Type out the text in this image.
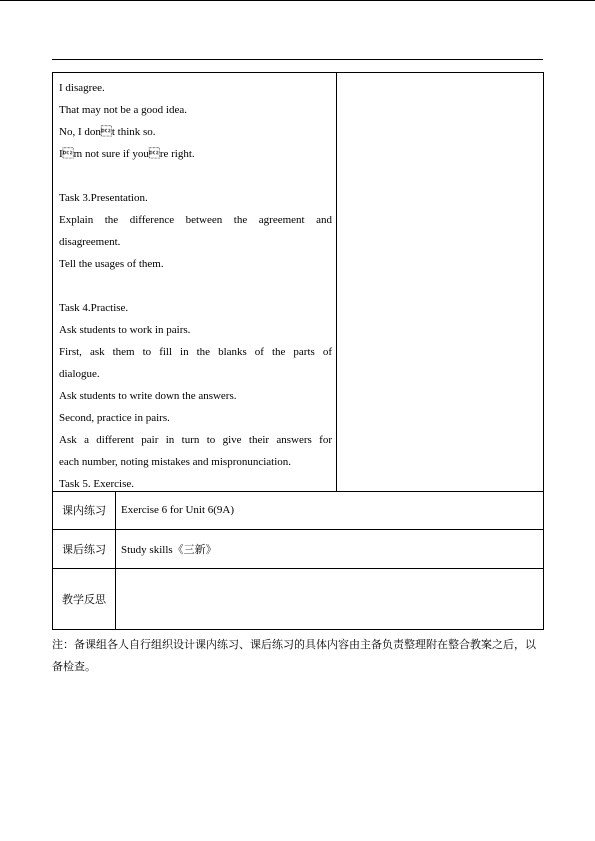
I disagree.
That may not be a good idea.
No, I dont think so.
Im not sure if youre right.
Task 3.Presentation.
Explain the difference between the agreement and
disagreement.
Tell the usages of them.
Task 4.Practise.
Ask students to work in pairs.
First, ask them to fill in the blanks of the parts of
dialogue.
Ask students to write down the answers.
Second, practice in pairs.
Ask a different pair in turn to give their answers for
each number, noting mistakes and mispronunciation.
Task 5. Exercise.
课内练习	Exercise 6 for Unit 6(9A)
课后练习	Study skills《三新》
教学反思
注：备课组各人自行组织设计课内练习、课后练习的具体内容由主备负责整理附在整合教案之后，以备检查。
